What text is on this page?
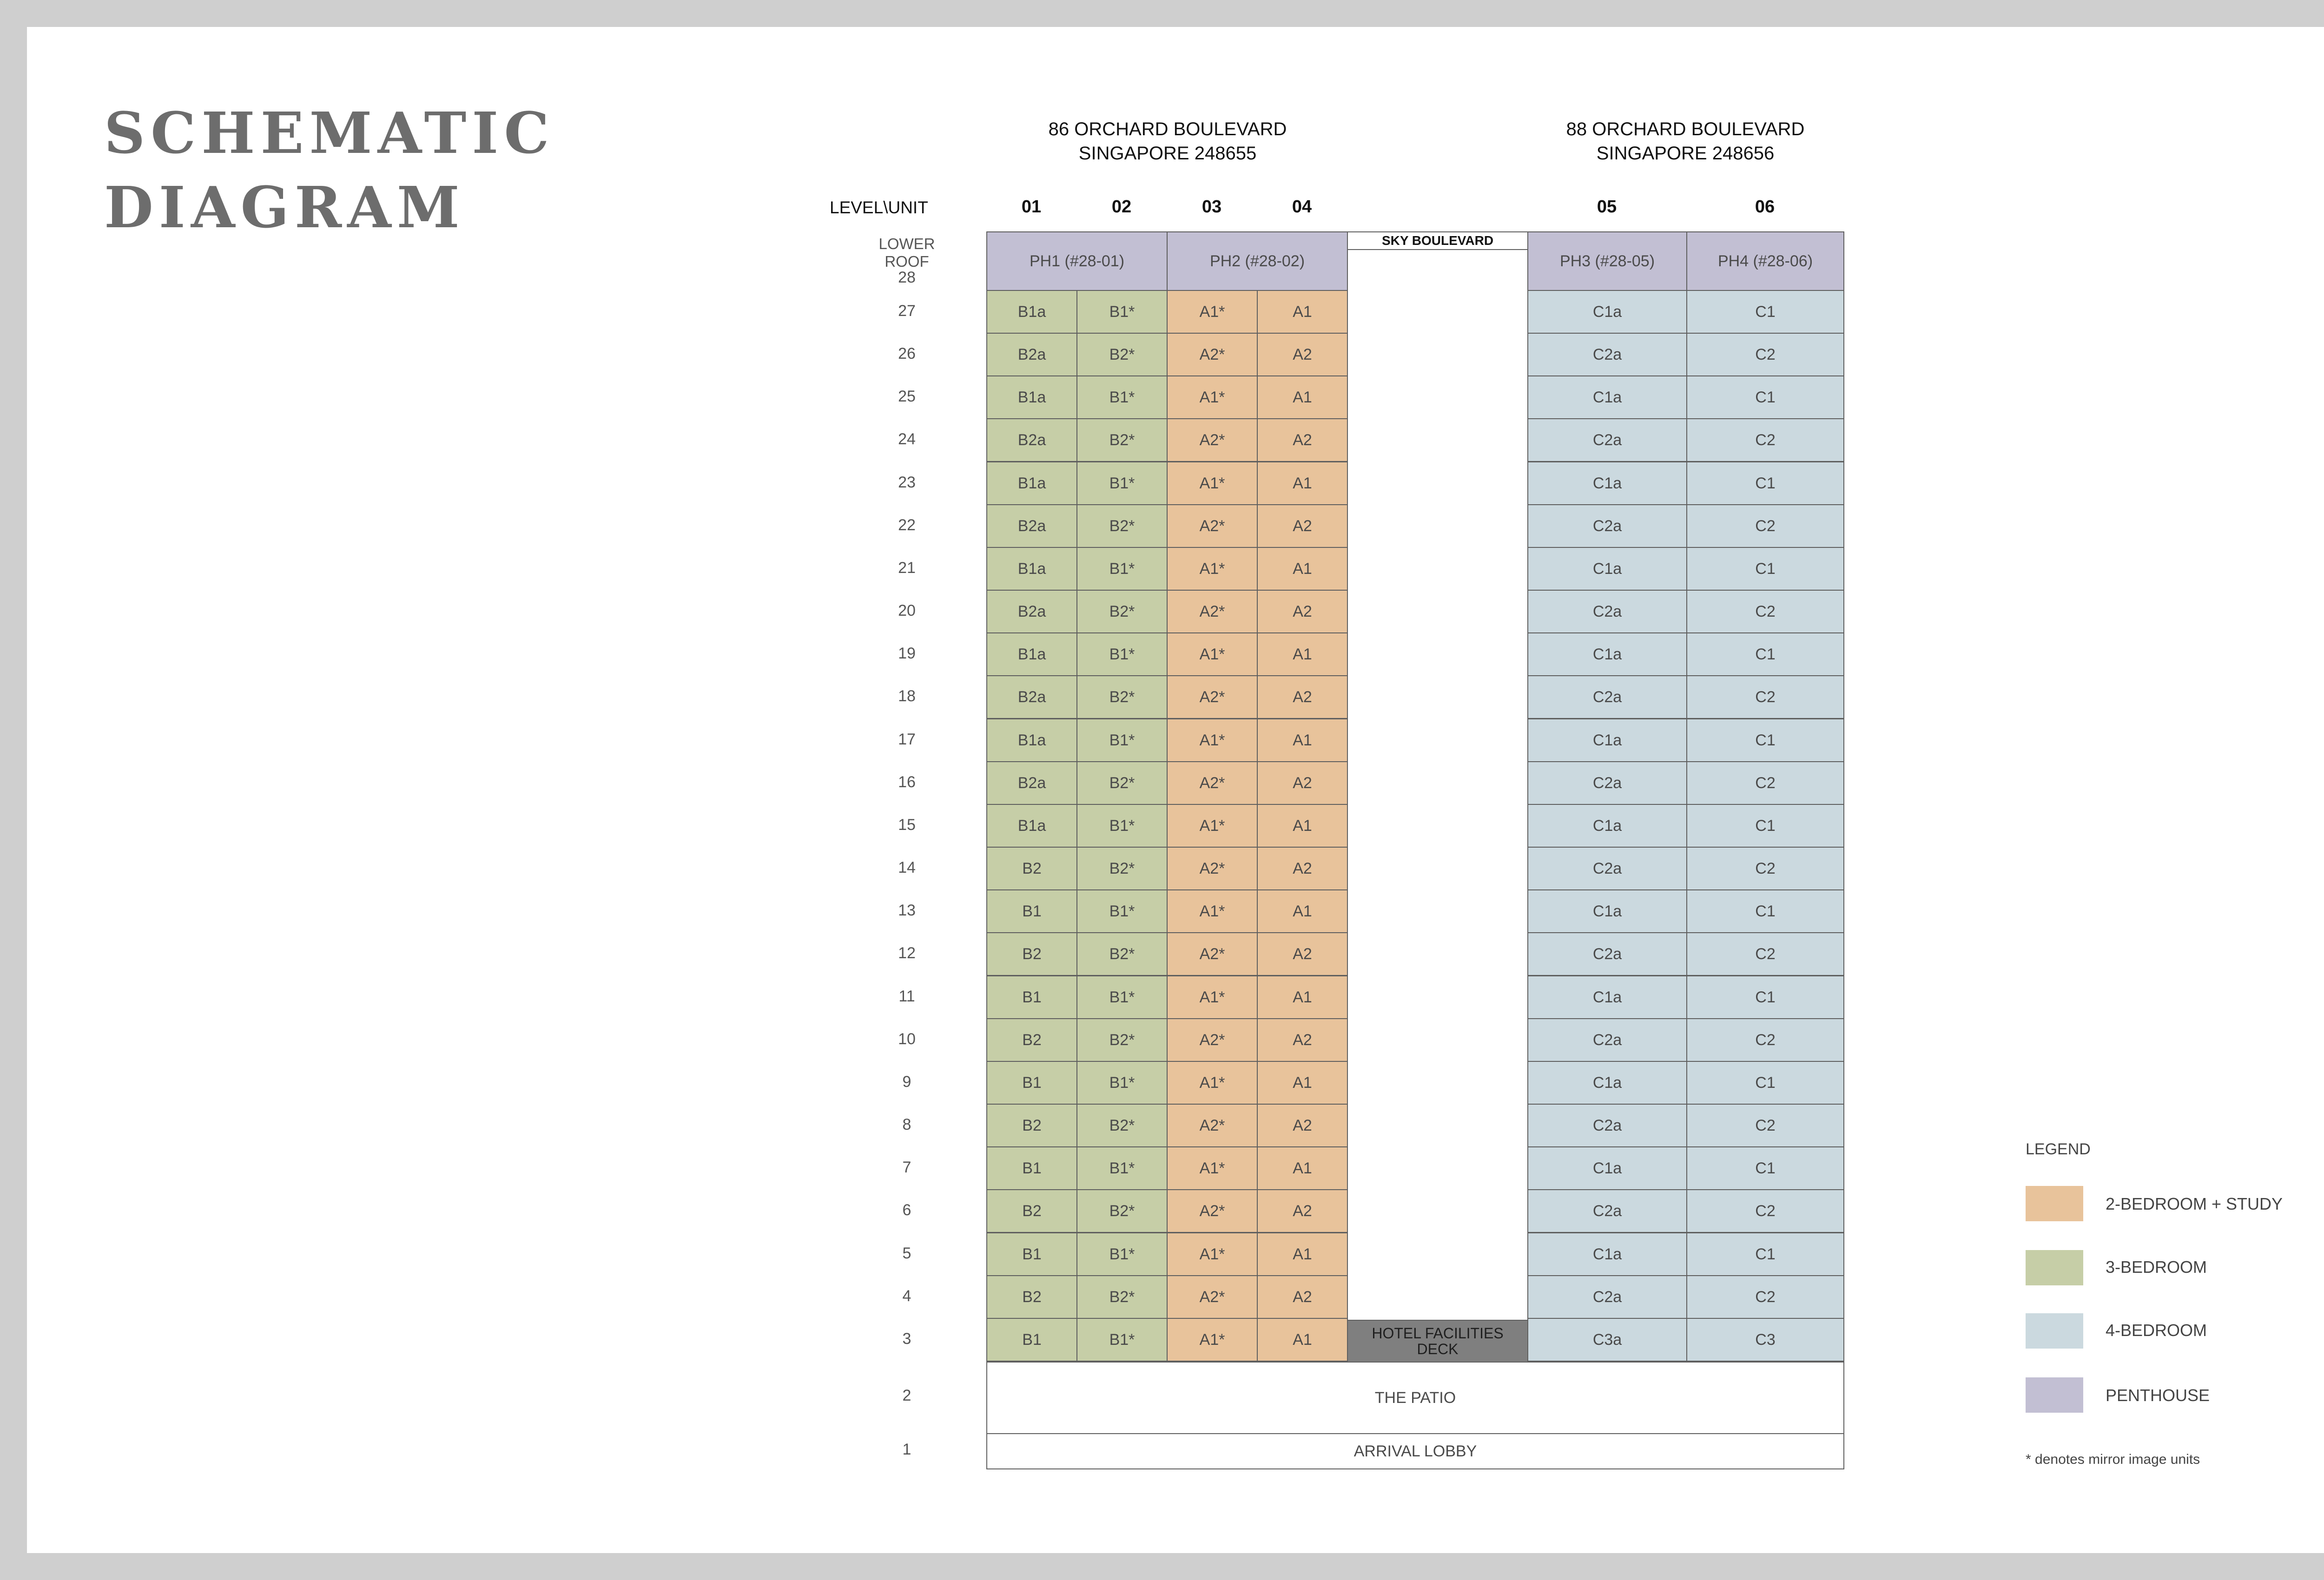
SCHEMATIC
DIAGRAM
86 ORCHARD BOULEVARD
SINGAPORE 248655
88 ORCHARD BOULEVARD
SINGAPORE 248656
LEVEL\UNIT	01	02	03	04	05	06
LOWER ROOF
28
PH1 (#28-01)	PH2 (#28-02)	PH3 (#28-05)	PH4 (#28-06)
SKY BOULEVARD
27	B1a	B1*	A1*	A1	C1a	C1
26	B2a	B2*	A2*	A2	C2a	C2
25	B1a	B1*	A1*	A1	C1a	C1
24	B2a	B2*	A2*	A2	C2a	C2
23	B1a	B1*	A1*	A1	C1a	C1
22	B2a	B2*	A2*	A2	C2a	C2
21	B1a	B1*	A1*	A1	C1a	C1
20	B2a	B2*	A2*	A2	C2a	C2
19	B1a	B1*	A1*	A1	C1a	C1
18	B2a	B2*	A2*	A2	C2a	C2
17	B1a	B1*	A1*	A1	C1a	C1
16	B2a	B2*	A2*	A2	C2a	C2
15	B1a	B1*	A1*	A1	C1a	C1
14	B2	B2*	A2*	A2	C2a	C2
13	B1	B1*	A1*	A1	C1a	C1
12	B2	B2*	A2*	A2	C2a	C2
11	B1	B1*	A1*	A1	C1a	C1
10	B2	B2*	A2*	A2	C2a	C2
9	B1	B1*	A1*	A1	C1a	C1
8	B2	B2*	A2*	A2	C2a	C2
7	B1	B1*	A1*	A1	C1a	C1
6	B2	B2*	A2*	A2	C2a	C2
5	B1	B1*	A1*	A1	C1a	C1
4	B2	B2*	A2*	A2	C2a	C2
3	B1	B1*	A1*	A1	C3a	C3
HOTEL FACILITIES
DECK
2	THE PATIO
1	ARRIVAL LOBBY
LEGEND
2-BEDROOM + STUDY
3-BEDROOM
4-BEDROOM
PENTHOUSE
* denotes mirror image units
